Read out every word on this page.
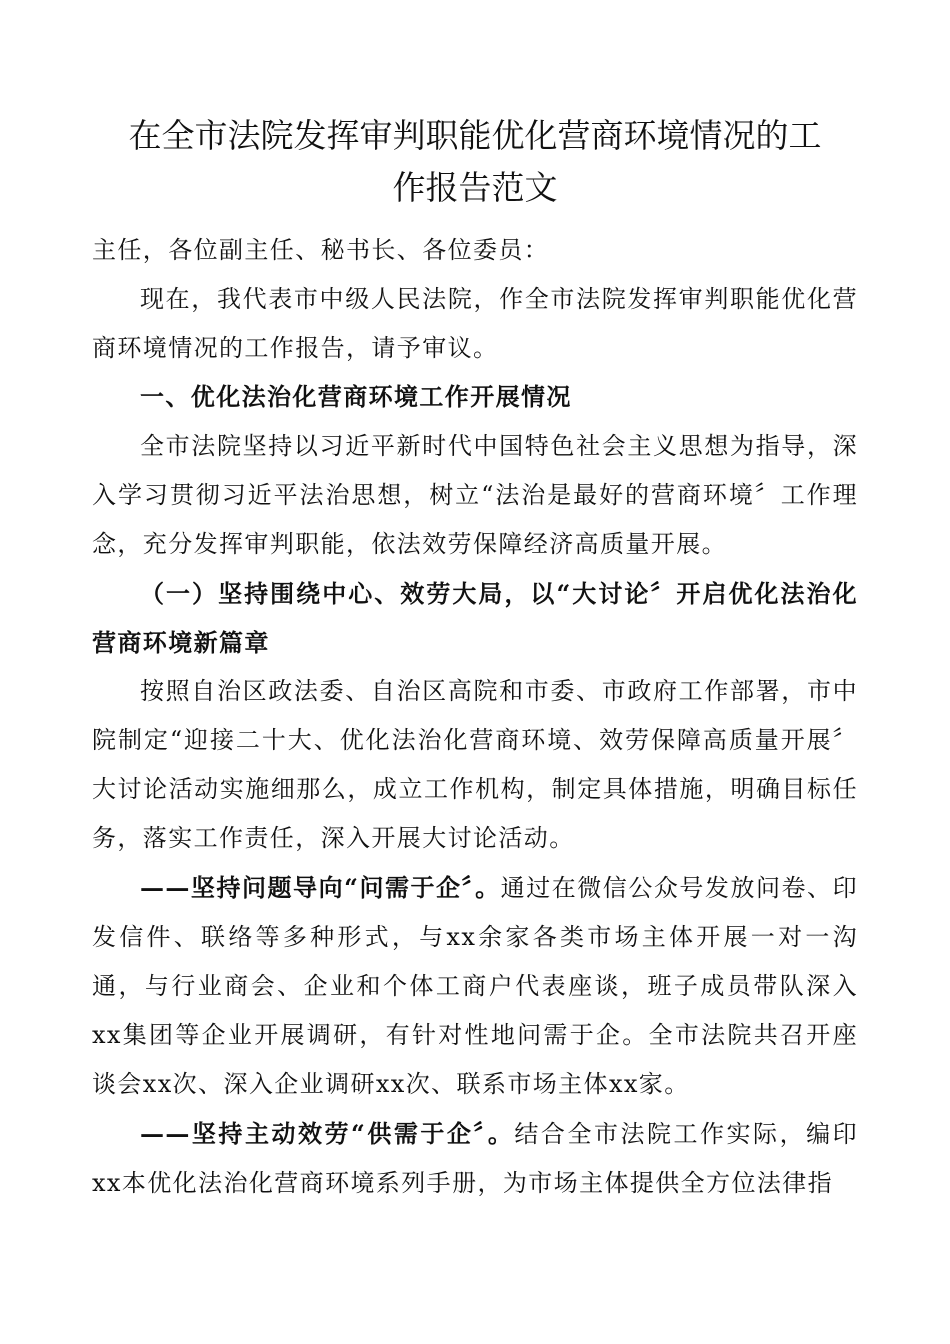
在全市法院发挥审判职能优化营商环境情况的工
作报告范文

主任，各位副主任、秘书长、各位委员：

现在，我代表市中级人民法院，作全市法院发挥审判职能优化营商环境情况的工作报告，请予审议。

一、优化法治化营商环境工作开展情况

全市法院坚持以习近平新时代中国特色社会主义思想为指导，深入学习贯彻习近平法治思想，树立“法治是最好的营商环境〞工作理念，充分发挥审判职能，依法效劳保障经济高质量开展。

（一）坚持围绕中心、效劳大局，以“大讨论〞开启优化法治化营商环境新篇章

按照自治区政法委、自治区高院和市委、市政府工作部署，市中院制定“迎接二十大、优化法治化营商环境、效劳保障高质量开展〞大讨论活动实施细那么，成立工作机构，制定具体措施，明确目标任务，落实工作责任，深入开展大讨论活动。

——坚持问题导向“问需于企〞。通过在微信公众号发放问卷、印发信件、联络等多种形式，与xx余家各类市场主体开展一对一沟通，与行业商会、企业和个体工商户代表座谈，班子成员带队深入xx集团等企业开展调研，有针对性地问需于企。全市法院共召开座谈会xx次、深入企业调研xx次、联系市场主体xx家。

——坚持主动效劳“供需于企〞。结合全市法院工作实际，编印xx本优化法治化营商环境系列手册，为市场主体提供全方位法律指
